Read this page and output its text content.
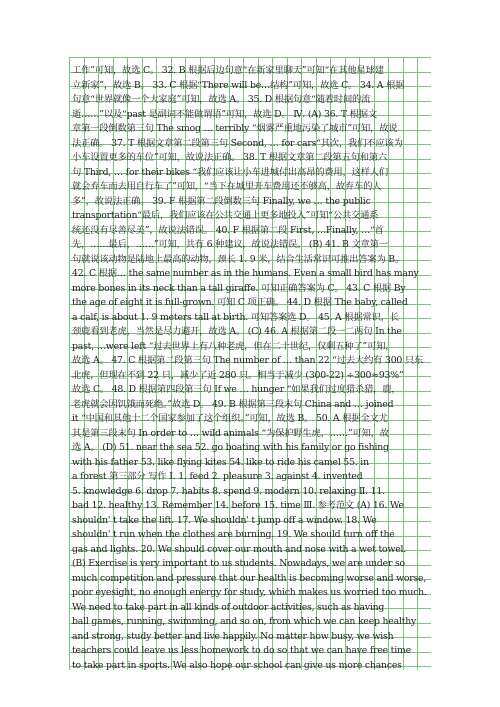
工作”可知，故选 C。 32. B 根据后边句意“在新家里聊天”可知“在其他星球建
立新家”，故选 B。 33. C 根据“There will be…结构”可知，故选 C。 34. A 根据
句意“世界就像一个大家庭”可知，故选 A。 35. D 根据句意“随着时间的流
逝……”以及“past 是副词不能做谓语”可知，故选 D。 Ⅳ. (A) 36. T 根据文
章第一段倒数第三句 The smog … terribly “烟雾严重地污染了城市”可知，故说
法正确。 37. T 根据文章第二段第三句 Second, … for cars“其次，我们不应该为
小车设置更多的车位”可知，故说法正确。 38. T 根据文章第二段第五句和第六
句 Third, … for their bikes “我们应该让小车进城付出高昂的费用，这样人们
就会弃车而去用自行车了”可知，“当下在城里开车费用还不够高，故弃车的人
多”，故说法正确。 39. F 根据第二段倒数三句 Finally, we … the public
transportation“最后，我们应该在公共交通上更多地投入”可知“公共交通系
统还没有尽善尽美”，故说法错误。 40. F 根据第二段 First, …Finally, …“首
先，……最后，……”可知，共有 6 种建议，故说法错误。 (B) 41. B 文章第一
句就说该动物是陆地上最高的动物，颈长 1. 9 米，结合生活常识可推出答案为 B。
42. C 根据… the same number as in the humans. Even a small bird has many
more bones in its neck than a tall giraffe. 可知正确答案为 C。 43. C 根据 By
the age of eight it is full-grown. 可知 C 项正确。 44. D 根据 The baby, called
a calf, is about 1. 9 meters tall at birth. 可知答案选 D。 45. A 根据常识，长
颈鹿看到老虎，当然是尽力避开，故选 A。 (C) 46. A 根据第二段一二两句 In the
past, …were left “过去世界上有八种老虎，但在二十世纪，仅剩五种了”可知，
故选 A。 47. C 根据第二段第三句 The number of … than 22 “过去大约有 300 只东
北虎，但现在不到 22 只，减少了近 280 只。相当于减少 (300-22) ÷300≈93%”
故选 C。 48. D 根据第四段第三句 If we … hunger “如果我们过度猎杀猎，鹿，
老虎就会因饥饿而死绝。”故选 D。 49. B 根据第三段末句 China and … joined
it “中国和其他十二个国家参加了这个组织。”可知，故选 B。 50. A 根据全文尤
其是第三段末句 In order to … wild animals “为保护野生虎，……”可知，故
选 A。 (D) 51. near the sea 52. go boating with his family or go fishing
with his father 53. like flying kites 54. like to ride his camel 55. in
a forest 第三部分 写作 Ⅰ. 1. feed 2. pleasure 3. against 4. invented
5. knowledge 6. drop 7. habits 8. spend 9. modern 10. relaxing Ⅱ. 11.
bad 12. healthy 13. Remember 14. before 15. time Ⅲ. 参考范文 (A) 16. We
shouldn' t take the lift. 17. We shouldn' t jump off a window. 18. We
shouldn' t run when the clothes are burning. 19. We should turn off the
gas and lights. 20. We should cover our mouth and nose with a wet towel.
(B) Exercise is very important to us students. Nowadays, we are under so
much competition and pressure that our health is becoming worse and worse,
poor eyesight, no enough energy for study, which makes us worried too much.
We need to take part in all kinds of outdoor activities, such as having
ball games, running, swimming, and so on, from which we can keep healthy
and strong, study better and live happily. No matter how busy, we wish
teachers could leave us less homework to do so that we can have free time
to take part in sports. We also hope our school can give us more chances
